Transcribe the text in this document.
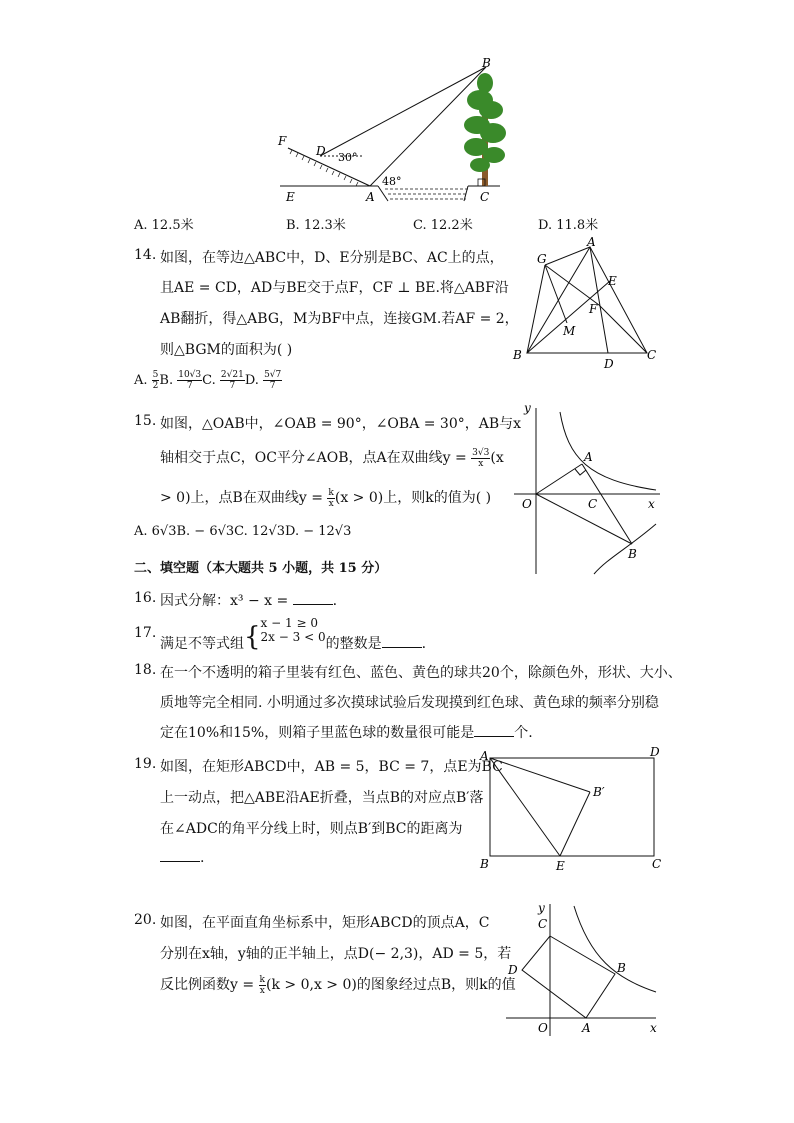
B
F
D 30°
48°
E	A	C
A. 12.5米	B. 12.3米	C. 12.2米	D. 11.8米
14. 如图，在等边△ABC中，D、E分别是BC、AC上的点，
且AE = CD，AD与BE交于点F，CF ⊥ BE.将△ABF沿
AB翻折，得△ABG，M为BF中点，连接GM.若AF = 2，
则△BGM的面积为( )
A. $\frac{5}{2} B$. $\frac{10√3}{7} C$. $\frac{2√21}{7} D$. $\frac{5√7}{7}$
A
G
E
F
M
B
D
C
15. 如图，△OAB中，∠OAB = 90°，∠OBA = 30°，AB与x
轴相交于点C，OC平分∠AOB，点A在双曲线$y = \frac{3√3}{x} (x$
> 0)上，点B在双曲线$y = \frac{k}{x} (x > 0)$上，则k的值为( )
A. 6√3B. − 6√3C. 12√3D. − 12√3
y
A
O	C	x
B
二、填空题（本大题共 5 小题，共 15 分）
16. 因式分解：x³ − x =	.
17.
满足不等式组{ x − 1 ≥ 0
2x − 3 < 0 的整数是	.
18. 在一个不透明的箱子里装有红色、蓝色、黄色的球共20个，除颜色外，形状、大小、
质地等完全相同. 小明通过多次摸球试验后发现摸到红色球、黄色球的频率分别稳
定在10%和15%，则箱子里蓝色球的数量很可能是	个.
19. 如图，在矩形ABCD中，AB = 5，BC = 7，点E为BC
上一动点，把△ABE沿AE折叠，当点B的对应点B′落
在∠ADC的角平分线上时，则点B′到BC的距离为
.
A	D
B′
B	E	C
20. 如图，在平面直角坐标系中，矩形ABCD的顶点A，C
分别在x轴，y轴的正半轴上，点D(− 2,3)，AD = 5，若
反比例函数$y = \frac{k}{x} (k > 0,x > 0)$的图象经过点B，则k的值
y
C
D	B
O	A	x
